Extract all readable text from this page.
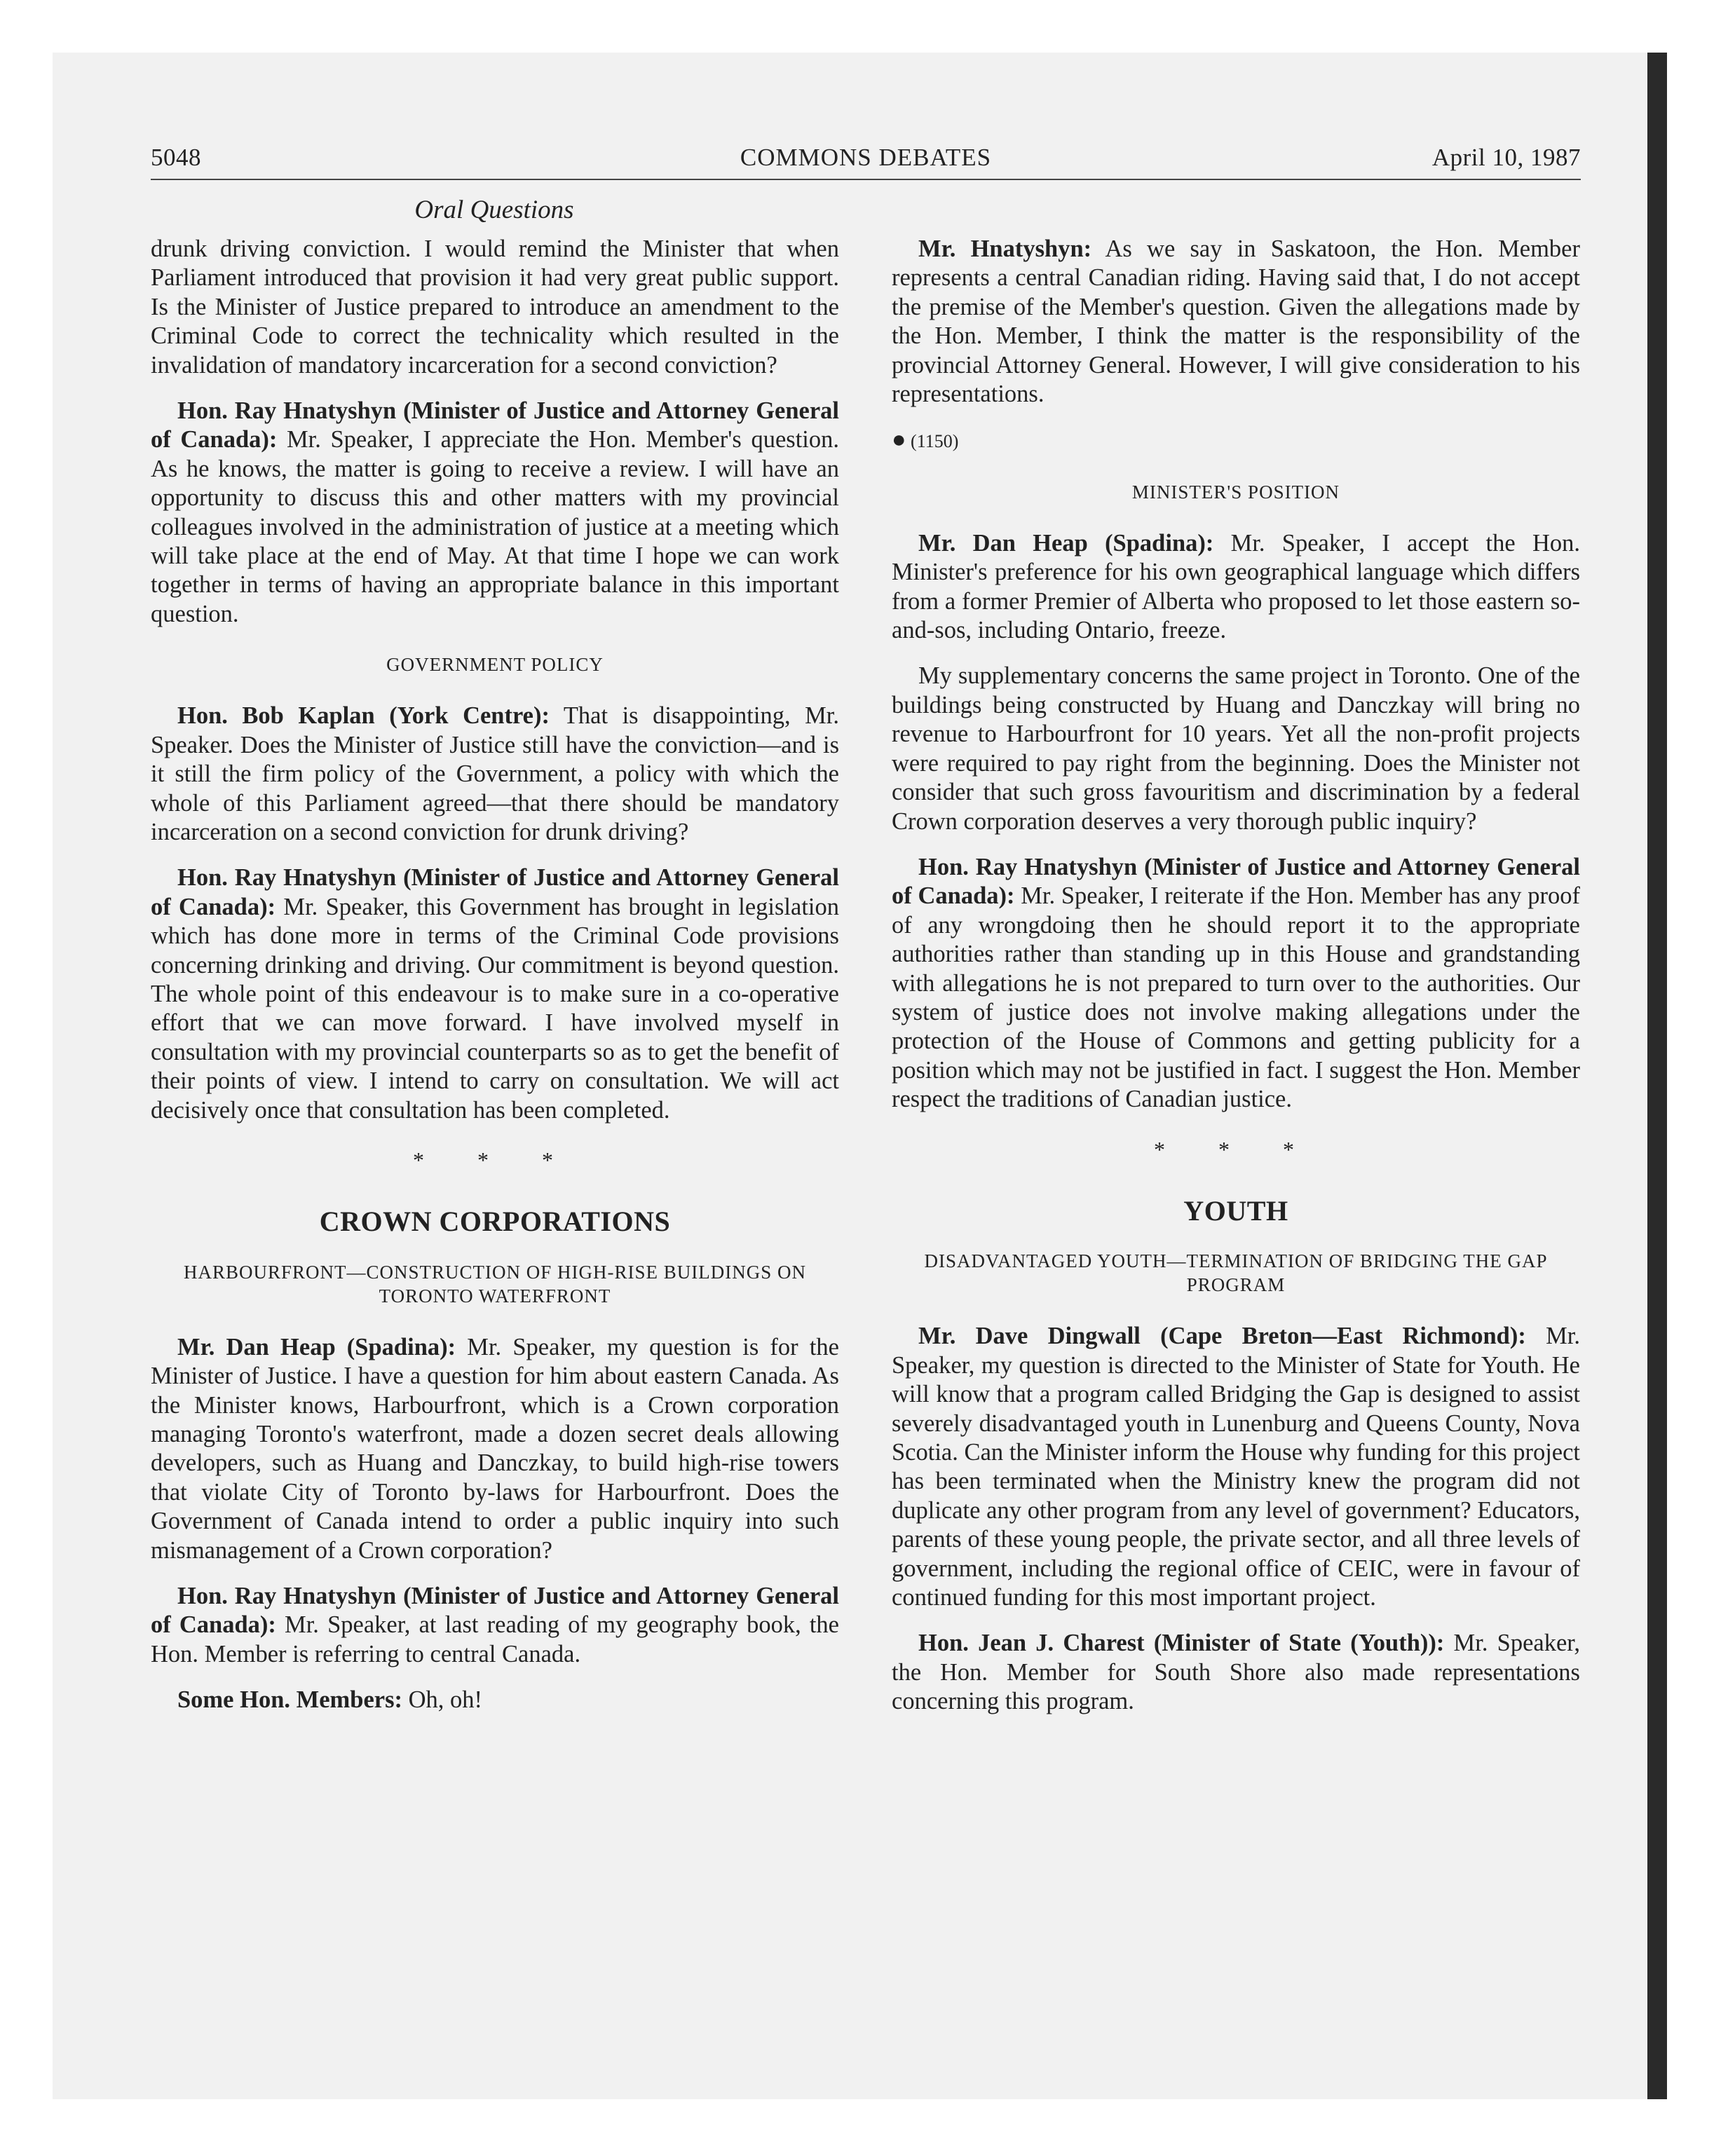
5048	COMMONS DEBATES	April 10, 1987
Oral Questions

drunk driving conviction. I would remind the Minister that when Parliament introduced that provision it had very great public support. Is the Minister of Justice prepared to introduce an amendment to the Criminal Code to correct the technicality which resulted in the invalidation of mandatory incarceration for a second conviction?

Hon. Ray Hnatyshyn (Minister of Justice and Attorney General of Canada): Mr. Speaker, I appreciate the Hon. Member's question. As he knows, the matter is going to receive a review. I will have an opportunity to discuss this and other matters with my provincial colleagues involved in the administration of justice at a meeting which will take place at the end of May. At that time I hope we can work together in terms of having an appropriate balance in this important question.

GOVERNMENT POLICY

Hon. Bob Kaplan (York Centre): That is disappointing, Mr. Speaker. Does the Minister of Justice still have the conviction—and is it still the firm policy of the Government, a policy with which the whole of this Parliament agreed—that there should be mandatory incarceration on a second conviction for drunk driving?

Hon. Ray Hnatyshyn (Minister of Justice and Attorney General of Canada): Mr. Speaker, this Government has brought in legislation which has done more in terms of the Criminal Code provisions concerning drinking and driving. Our commitment is beyond question. The whole point of this endeavour is to make sure in a co-operative effort that we can move forward. I have involved myself in consultation with my provincial counterparts so as to get the benefit of their points of view. I intend to carry on consultation. We will act decisively once that consultation has been completed.

* * *
CROWN CORPORATIONS
HARBOURFRONT—CONSTRUCTION OF HIGH-RISE BUILDINGS ON TORONTO WATERFRONT

Mr. Dan Heap (Spadina): Mr. Speaker, my question is for the Minister of Justice. I have a question for him about eastern Canada. As the Minister knows, Harbourfront, which is a Crown corporation managing Toronto's waterfront, made a dozen secret deals allowing developers, such as Huang and Danczkay, to build high-rise towers that violate City of Toronto by-laws for Harbourfront. Does the Government of Canada intend to order a public inquiry into such mismanagement of a Crown corporation?

Hon. Ray Hnatyshyn (Minister of Justice and Attorney General of Canada): Mr. Speaker, at last reading of my geography book, the Hon. Member is referring to central Canada.

Some Hon. Members: Oh, oh!

Mr. Hnatyshyn: As we say in Saskatoon, the Hon. Member represents a central Canadian riding. Having said that, I do not accept the premise of the Member's question. Given the allegations made by the Hon. Member, I think the matter is the responsibility of the provincial Attorney General. However, I will give consideration to his representations.

● (1150)
MINISTER'S POSITION

Mr. Dan Heap (Spadina): Mr. Speaker, I accept the Hon. Minister's preference for his own geographical language which differs from a former Premier of Alberta who proposed to let those eastern so-and-sos, including Ontario, freeze.

My supplementary concerns the same project in Toronto. One of the buildings being constructed by Huang and Danczkay will bring no revenue to Harbourfront for 10 years. Yet all the non-profit projects were required to pay right from the beginning. Does the Minister not consider that such gross favouritism and discrimination by a federal Crown corporation deserves a very thorough public inquiry?

Hon. Ray Hnatyshyn (Minister of Justice and Attorney General of Canada): Mr. Speaker, I reiterate if the Hon. Member has any proof of any wrongdoing then he should report it to the appropriate authorities rather than standing up in this House and grandstanding with allegations he is not prepared to turn over to the authorities. Our system of justice does not involve making allegations under the protection of the House of Commons and getting publicity for a position which may not be justified in fact. I suggest the Hon. Member respect the traditions of Canadian justice.

* * *
YOUTH
DISADVANTAGED YOUTH—TERMINATION OF BRIDGING THE GAP PROGRAM

Mr. Dave Dingwall (Cape Breton—East Richmond): Mr. Speaker, my question is directed to the Minister of State for Youth. He will know that a program called Bridging the Gap is designed to assist severely disadvantaged youth in Lunenburg and Queens County, Nova Scotia. Can the Minister inform the House why funding for this project has been terminated when the Ministry knew the program did not duplicate any other program from any level of government? Educators, parents of these young people, the private sector, and all three levels of government, including the regional office of CEIC, were in favour of continued funding for this most important project.

Hon. Jean J. Charest (Minister of State (Youth)): Mr. Speaker, the Hon. Member for South Shore also made representations concerning this program.
